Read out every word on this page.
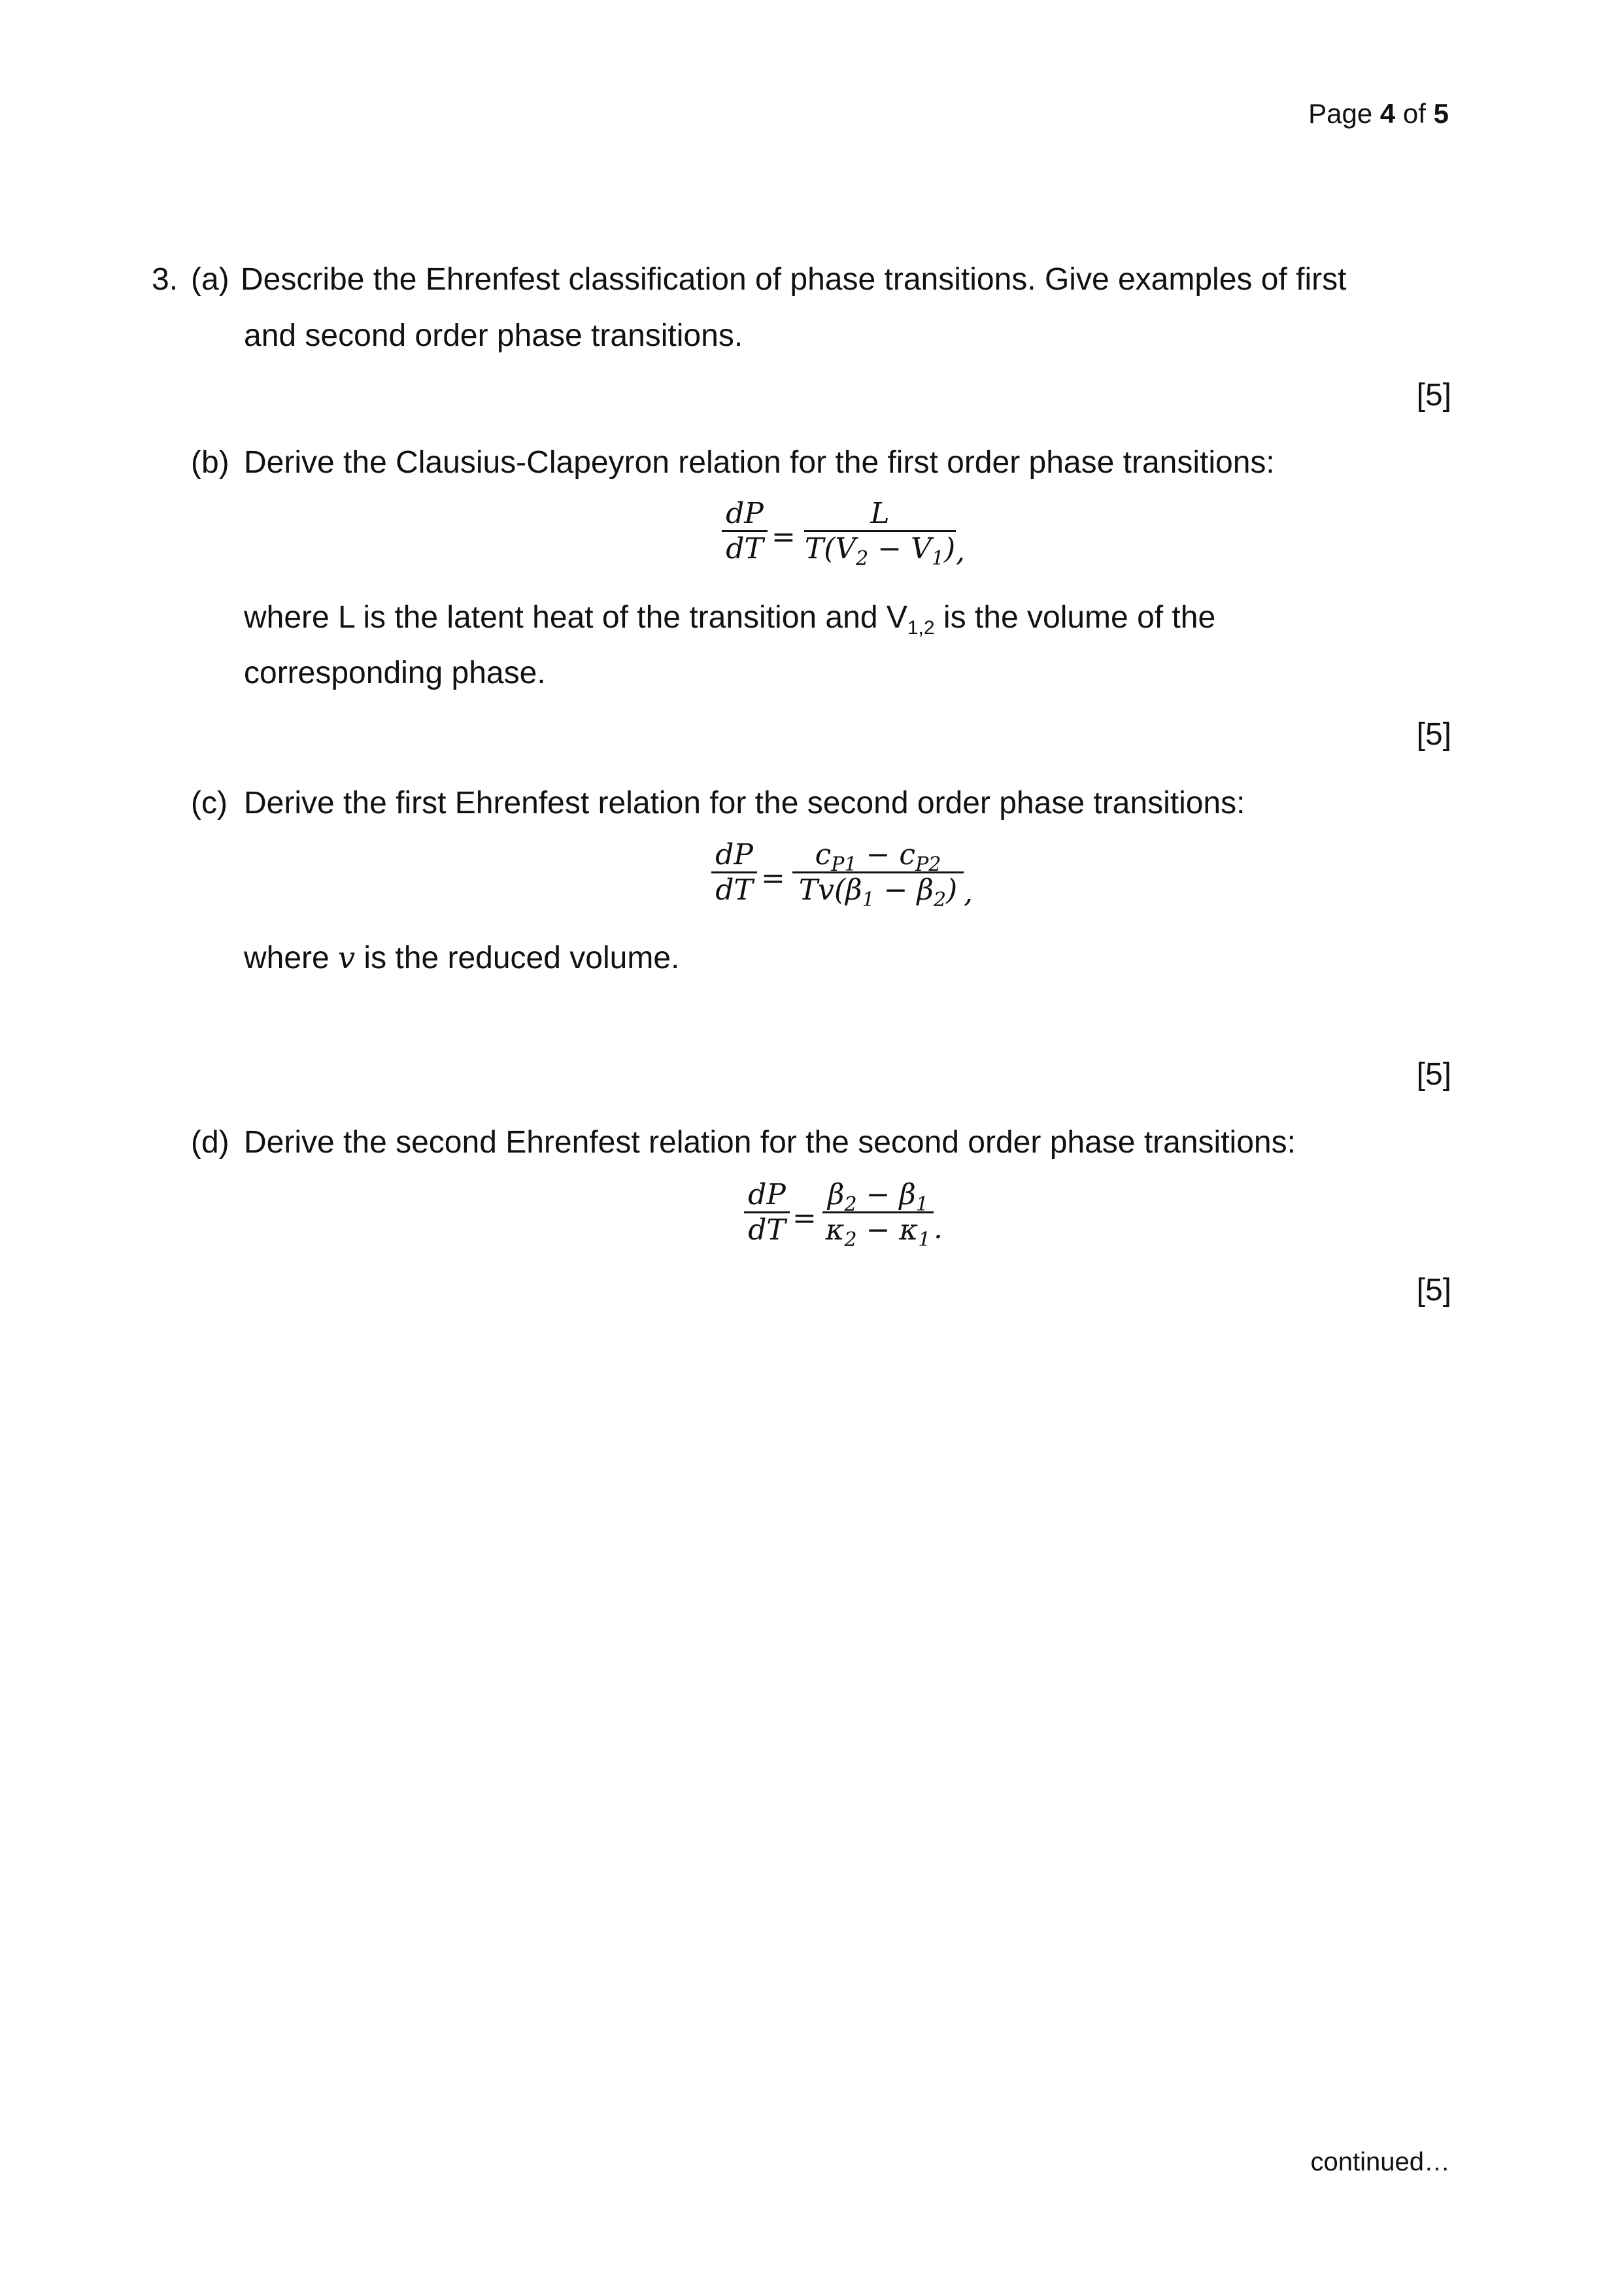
Page 4 of 5
3. (a) Describe the Ehrenfest classification of phase transitions. Give examples of first
and second order phase transitions.
[5]
(b) Derive the Clausius-Clapeyron relation for the first order phase transitions:
dP
dT =
L
$T(V_2 - V_1)$ ,
where L is the latent heat of the transition and $V_{1,2}$ is the volume of the
corresponding phase.
[5]
(c) Derive the first Ehrenfest relation for the second order phase transitions:
dP
dT =
$c_{P1} - c_{P2}$
$Tv(\beta_1 - \beta_2)$ ,
where v is the reduced volume.
[5]
(d) Derive the second Ehrenfest relation for the second order phase transitions:
dP
dT =
$\beta_2 - \beta_1$
$\kappa_2 - \kappa_1$ .
[5]
continued…
